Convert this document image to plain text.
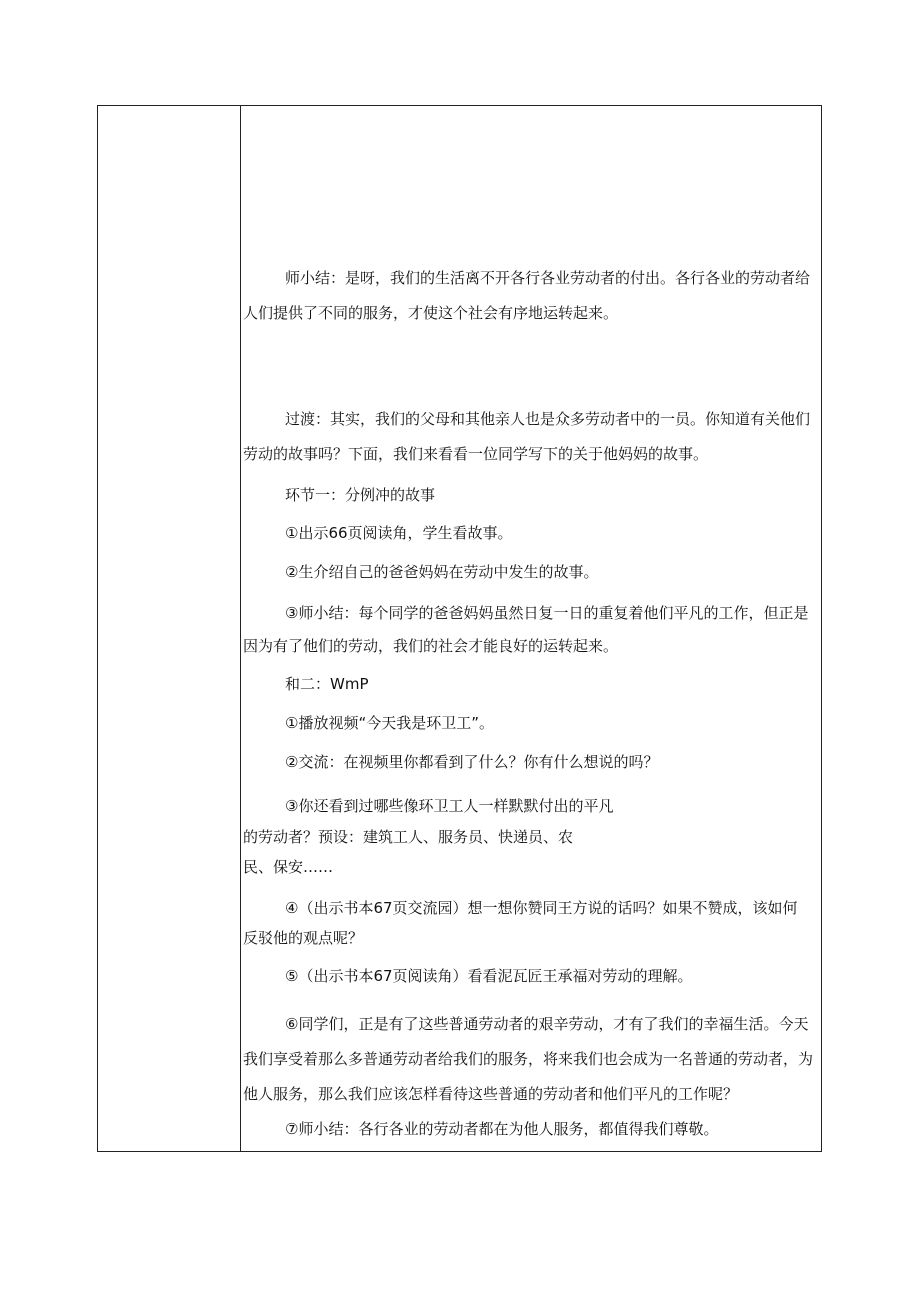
师小结：是呀，我们的生活离不开各行各业劳动者的付出。各行各业的劳动者给
人们提供了不同的服务，才使这个社会有序地运转起来。
过渡：其实，我们的父母和其他亲人也是众多劳动者中的一员。你知道有关他们
劳动的故事吗？下面，我们来看看一位同学写下的关于他妈妈的故事。
环节一：分例冲的故事
①出示66页阅读角，学生看故事。
②生介绍自己的爸爸妈妈在劳动中发生的故事。
③师小结：每个同学的爸爸妈妈虽然日复一日的重复着他们平凡的工作，但正是
因为有了他们的劳动，我们的社会才能良好的运转起来。
和二：WmP
①播放视频“今天我是环卫工”。
②交流：在视频里你都看到了什么？你有什么想说的吗？
③你还看到过哪些像环卫工人一样默默付出的平凡
的劳动者？预设：建筑工人、服务员、快递员、农
民、保安……
④（出示书本67页交流园）想一想你赞同王方说的话吗？如果不赞成，该如何
反驳他的观点呢？
⑤（出示书本67页阅读角）看看泥瓦匠王承福对劳动的理解。
⑥同学们，正是有了这些普通劳动者的艰辛劳动，才有了我们的幸福生活。今天
我们享受着那么多普通劳动者给我们的服务，将来我们也会成为一名普通的劳动者，为
他人服务，那么我们应该怎样看待这些普通的劳动者和他们平凡的工作呢？
⑦师小结：各行各业的劳动者都在为他人服务，都值得我们尊敬。
